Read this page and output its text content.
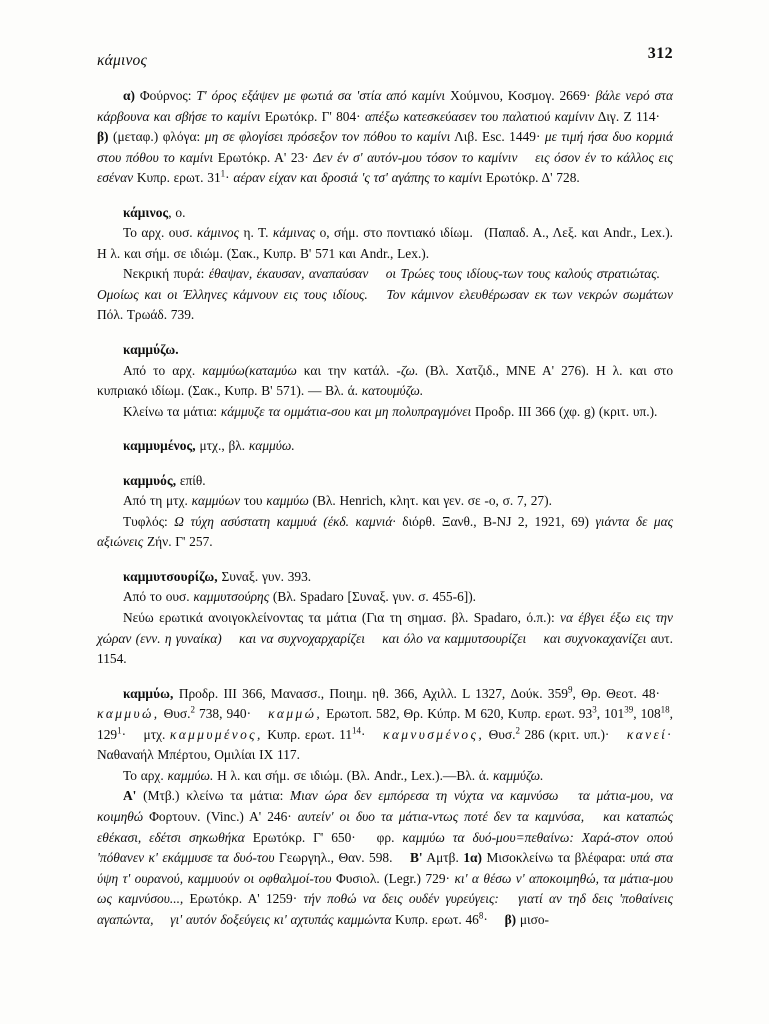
κάμινος	312

α) Φούρνος: Τ' όρος εξάψεν με φωτιά σα 'στία από καμίνι Χούμνου, Κοσμογ. 2669· βάλε νερό στα κάρβουνα και σβήσε το καμίνι Ερωτόκρ. Γ' 804· απέξω κατεσκεύασεν του παλατιού καμίνιν Διγ. Ζ 114· β) (μεταφ.) φλόγα: μη σε φλογίσει πρόσεξον τον πόθου το καμίνι Λιβ. Esc. 1449· με τιμή ήσα δυο κορμιά στου πόθου το καμίνι Ερωτόκρ. Α' 23· Δεν έν σ' αυτόν-μου τόσον το καμίνιν εις όσον έν το κάλλος εις εσέναν Κυπρ. ερωτ. $31^1\cdot \alpha έ\rho\alpha\nu$ είχαν και δροσιά 'ς τσ' αγάπης το καμίνι Ερωτόκρ. Δ' 728.

κάμινος, ο.

Το αρχ. ουσ. κάμινος η. Τ. κάμινας ο, σήμ. στο ποντιακό ιδίωμ. (Παπαδ. Α., Λεξ. και Andr., Lex.). Η λ. και σήμ. σε ιδιώμ. (Σακ., Κυπρ. Β' 571 και Andr., Lex.).

Νεκρική πυρά: έθαψαν, έκαυσαν, αναπαύσαν οι Τρώες τους ιδίους-των τους καλούς στρατιώτας. Ομοίως και οι Έλληνες κάμνουν εις τους ιδίους. Τον κάμινον ελευθέρωσαν εκ των νεκρών σωμάτων Πόλ. Τρωάδ. 739.

καμμύζω.

Από το αρχ. καμμύω(καταμύω και την κατάλ. -ζω. (Βλ. Χατζιδ., ΜΝΕ Α' 276). Η λ. και στο κυπριακό ιδίωμ. (Σακ., Κυπρ. Β' 571). — Βλ. ά. κατουμύζω.

Κλείνω τα μάτια: κάμμυζε τα ομμάτια-σου και μη πολυπραγμόνει Προδρ. III 366 (χφ. g) (κριτ. υπ.).

καμμυμένος, μτχ., βλ. καμμύω.

καμμυός, επίθ.

Από τη μτχ. καμμύων του καμμύω (Βλ. Henrich, κλητ. και γεν. σε -ο, σ. 7, 27).

Τυφλός: Ω τύχη ασύστατη καμμυά (έκδ. καμνιά· διόρθ. Ξανθ., B-NJ 2, 1921, 69) γιάντα δε μας αξιώνεις Ζήν. Γ' 257.

καμμυτσουρίζω, Συναξ. γυν. 393.

Από το ουσ. καμμυτσούρης (Βλ. Spadaro [Συναξ. γυν. σ. 455-6]).

Νεύω ερωτικά ανοιγοκλείνοντας τα μάτια (Για τη σημασ. βλ. Spadaro, ό.π.): να έβγει έξω εις την χώραν (ενν. η γυναίκα) και να συχνοχαρχαρίζει και όλο να καμμυτσουρίζει και συχνοκαχανίζει αυτ. 1154.

καμμύω, Προδρ. III 366, Μανασσ., Ποιημ. ηθ. 366, Αχιλλ. L 1327, Δούκ. $359^9$, Θρ. Θεοτ. 48· καμμυώ, Θυσ.$^2$ 738, 940· καμμώ, Ερωτοπ. 582, Θρ. Κύπρ. Μ 620, Κυπρ. ερωτ. $93^3$, $101^{39}$, $108^{18}$, $129^1\cdot \mu\tau\chi$. καμμυμένος, Κυπρ. ερωτ. $11^{14}\cdot \kappa\alpha\mu\nu\upsilon\sigma\mu έ\nu o\varsigma$, Θυσ.$^2$ 286 (κριτ. υπ.)· κανεί· Ναθαναήλ Μπέρτου, Ομιλίαι IX 117.

Το αρχ. καμμύω. Η λ. και σήμ. σε ιδιώμ. (Βλ. Andr., Lex.).—Βλ. ά. καμμύζω.

Α' (Μτβ.) κλείνω τα μάτια: Μιαν ώρα δεν εμπόρεσα τη νύχτα να καμνύσω τα μάτια-μου, να κοιμηθώ Φορτουν. (Vinc.) Α' 246· αυτείν' οι δυο τα μάτια-ντως ποτέ δεν τα καμνύσα, και καταπώς εθέκασι, εδέτσι σηκωθήκα Ερωτόκρ. Γ' 650· φρ. καμμύω τα δυό-μου=πεθαίνω: Χαρά-στον οπού 'πόθανεν κ' εκάμμυσε τα δυό-του Γεωργηλ., Θαν. 598. Β' Αμτβ. 1α) Μισοκλείνω τα βλέφαρα: υπά στα ύψη τ' ουρανού, καμμυούν οι οφθαλμοί-του Φυσιολ. (Legr.) 729· κι' α θέσω ν' αποκοιμηθώ, τα μάτια-μου ως καμνύσου..., Ερωτόκρ. Α' 1259· τήν ποθώ να δεις ουδέν γυρεύγεις: γιατί αν τηδ δεις 'ποθαίνεις αγαπώντα, γι' αυτόν δοξεύγεις κι' αχτυπάς καμμώντα Κυπρ. ερωτ. $46^8\cdot \beta$) μισο-
